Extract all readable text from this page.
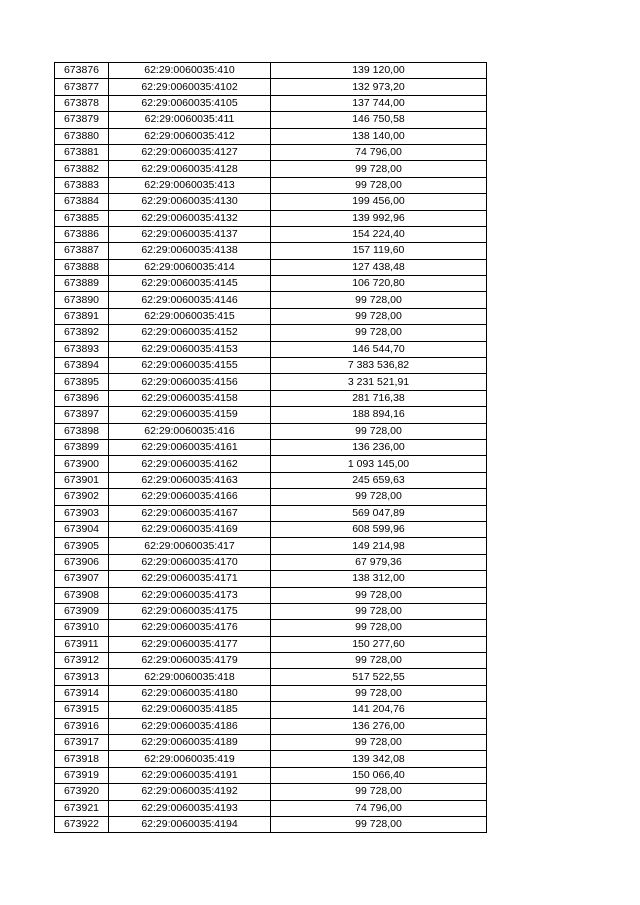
673876	62:29:0060035:410	139 120,00
673877	62:29:0060035:4102	132 973,20
673878	62:29:0060035:4105	137 744,00
673879	62:29:0060035:411	146 750,58
673880	62:29:0060035:412	138 140,00
673881	62:29:0060035:4127	74 796,00
673882	62:29:0060035:4128	99 728,00
673883	62:29:0060035:413	99 728,00
673884	62:29:0060035:4130	199 456,00
673885	62:29:0060035:4132	139 992,96
673886	62:29:0060035:4137	154 224,40
673887	62:29:0060035:4138	157 119,60
673888	62:29:0060035:414	127 438,48
673889	62:29:0060035:4145	106 720,80
673890	62:29:0060035:4146	99 728,00
673891	62:29:0060035:415	99 728,00
673892	62:29:0060035:4152	99 728,00
673893	62:29:0060035:4153	146 544,70
673894	62:29:0060035:4155	7 383 536,82
673895	62:29:0060035:4156	3 231 521,91
673896	62:29:0060035:4158	281 716,38
673897	62:29:0060035:4159	188 894,16
673898	62:29:0060035:416	99 728,00
673899	62:29:0060035:4161	136 236,00
673900	62:29:0060035:4162	1 093 145,00
673901	62:29:0060035:4163	245 659,63
673902	62:29:0060035:4166	99 728,00
673903	62:29:0060035:4167	569 047,89
673904	62:29:0060035:4169	608 599,96
673905	62:29:0060035:417	149 214,98
673906	62:29:0060035:4170	67 979,36
673907	62:29:0060035:4171	138 312,00
673908	62:29:0060035:4173	99 728,00
673909	62:29:0060035:4175	99 728,00
673910	62:29:0060035:4176	99 728,00
673911	62:29:0060035:4177	150 277,60
673912	62:29:0060035:4179	99 728,00
673913	62:29:0060035:418	517 522,55
673914	62:29:0060035:4180	99 728,00
673915	62:29:0060035:4185	141 204,76
673916	62:29:0060035:4186	136 276,00
673917	62:29:0060035:4189	99 728,00
673918	62:29:0060035:419	139 342,08
673919	62:29:0060035:4191	150 066,40
673920	62:29:0060035:4192	99 728,00
673921	62:29:0060035:4193	74 796,00
673922	62:29:0060035:4194	99 728,00
